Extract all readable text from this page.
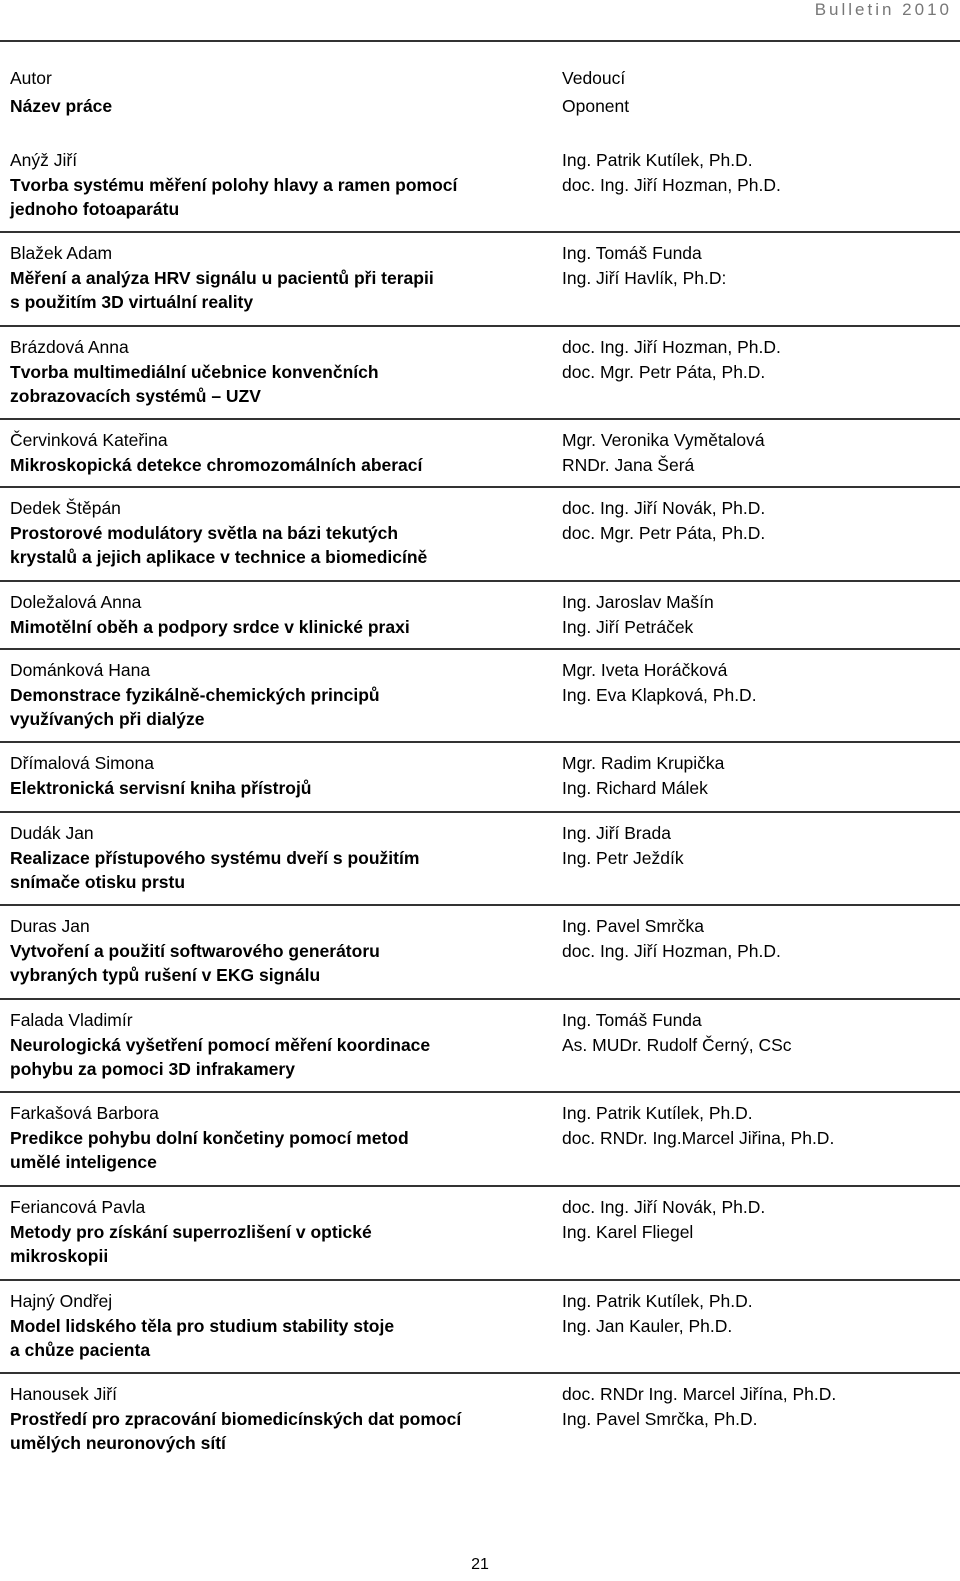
Bulletin 2010
Autor
Název práce
Vedoucí
Oponent
Anýž Jiří
Tvorba systému měření polohy hlavy a ramen pomocí
jednoho fotoaparátu
Ing. Patrik Kutílek, Ph.D.
doc. Ing. Jiří Hozman, Ph.D.
Blažek Adam
Měření a analýza HRV signálu u pacientů při terapii
s použitím 3D virtuální reality
Ing. Tomáš Funda
Ing. Jiří Havlík, Ph.D:
Brázdová Anna
Tvorba multimediální učebnice konvenčních
zobrazovacích systémů – UZV
doc. Ing. Jiří Hozman, Ph.D.
doc. Mgr. Petr Páta, Ph.D.
Červinková Kateřina
Mikroskopická detekce chromozomálních aberací
Mgr. Veronika Vymětalová
RNDr. Jana Šerá
Dedek Štěpán
Prostorové modulátory světla na bázi tekutých
krystalů a jejich aplikace v technice a biomedicíně
doc. Ing. Jiří Novák, Ph.D.
doc. Mgr. Petr Páta, Ph.D.
Doležalová Anna
Mimotělní oběh a podpory srdce v klinické praxi
Ing. Jaroslav Mašín
Ing. Jiří Petráček
Dománková Hana
Demonstrace fyzikálně-chemických principů
využívaných při dialýze
Mgr. Iveta Horáčková
Ing. Eva Klapková, Ph.D.
Dřímalová Simona
Elektronická servisní kniha přístrojů
Mgr. Radim Krupička
Ing. Richard Málek
Dudák Jan
Realizace přístupového systému dveří s použitím
snímače otisku prstu
Ing. Jiří Brada
Ing. Petr Ježdík
Duras Jan
Vytvoření a použití softwarového generátoru
vybraných typů rušení v EKG signálu
Ing. Pavel Smrčka
doc. Ing. Jiří Hozman, Ph.D.
Falada Vladimír
Neurologická vyšetření pomocí měření koordinace
pohybu za pomoci 3D infrakamery
Ing. Tomáš Funda
As. MUDr. Rudolf Černý, CSc
Farkašová Barbora
Predikce pohybu dolní končetiny pomocí metod
umělé inteligence
Ing. Patrik Kutílek, Ph.D.
doc. RNDr. Ing.Marcel Jiřina, Ph.D.
Feriancová Pavla
Metody pro získání superrozlišení v optické
mikroskopii
doc. Ing. Jiří Novák, Ph.D.
Ing. Karel Fliegel
Hajný Ondřej
Model lidského těla pro studium stability stoje
a chůze pacienta
Ing. Patrik Kutílek, Ph.D.
Ing. Jan Kauler, Ph.D.
Hanousek Jiří
Prostředí pro zpracování biomedicínských dat pomocí
umělých neuronových sítí
doc. RNDr Ing. Marcel Jiřína, Ph.D.
Ing. Pavel Smrčka, Ph.D.
21
